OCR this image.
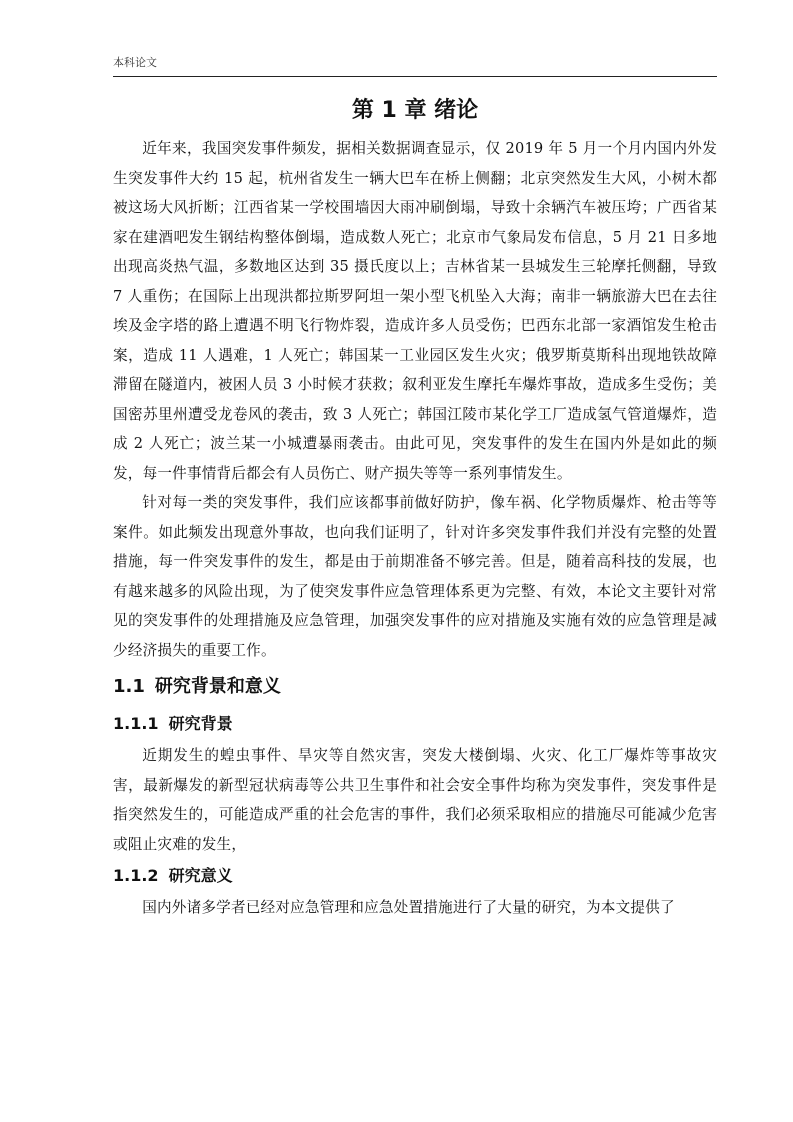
本科论文
第 1 章 绪论

近年来，我国突发事件频发，据相关数据调查显示，仅 2019 年 5 月一个月内国内外发生突发事件大约 15 起，杭州省发生一辆大巴车在桥上侧翻；北京突然发生大风，小树木都被这场大风折断；江西省某一学校围墙因大雨冲刷倒塌，导致十余辆汽车被压垮；广西省某家在建酒吧发生钢结构整体倒塌，造成数人死亡；北京市气象局发布信息，5 月 21 日多地出现高炎热气温，多数地区达到 35 摄氏度以上；吉林省某一县城发生三轮摩托侧翻，导致 7 人重伤；在国际上出现洪都拉斯罗阿坦一架小型飞机坠入大海；南非一辆旅游大巴在去往埃及金字塔的路上遭遇不明飞行物炸裂，造成许多人员受伤；巴西东北部一家酒馆发生枪击案，造成 11 人遇难，1 人死亡；韩国某一工业园区发生火灾；俄罗斯莫斯科出现地铁故障滞留在隧道内，被困人员 3 小时候才获救；叙利亚发生摩托车爆炸事故，造成多生受伤；美国密苏里州遭受龙卷风的袭击，致 3 人死亡；韩国江陵市某化学工厂造成氢气管道爆炸，造成 2 人死亡；波兰某一小城遭暴雨袭击。由此可见，突发事件的发生在国内外是如此的频发，每一件事情背后都会有人员伤亡、财产损失等等一系列事情发生。

针对每一类的突发事件，我们应该都事前做好防护，像车祸、化学物质爆炸、枪击等等案件。如此频发出现意外事故，也向我们证明了，针对许多突发事件我们并没有完整的处置措施，每一件突发事件的发生，都是由于前期准备不够完善。但是，随着高科技的发展，也有越来越多的风险出现，为了使突发事件应急管理体系更为完整、有效，本论文主要针对常见的突发事件的处理措施及应急管理，加强突发事件的应对措施及实施有效的应急管理是减少经济损失的重要工作。

1.1 研究背景和意义
1.1.1 研究背景

近期发生的蝗虫事件、旱灾等自然灾害，突发大楼倒塌、火灾、化工厂爆炸等事故灾害，最新爆发的新型冠状病毒等公共卫生事件和社会安全事件均称为突发事件，突发事件是指突然发生的，可能造成严重的社会危害的事件，我们必须采取相应的措施尽可能减少危害或阻止灾难的发生，

1.1.2 研究意义

国内外诸多学者已经对应急管理和应急处置措施进行了大量的研究，为本文提供了
